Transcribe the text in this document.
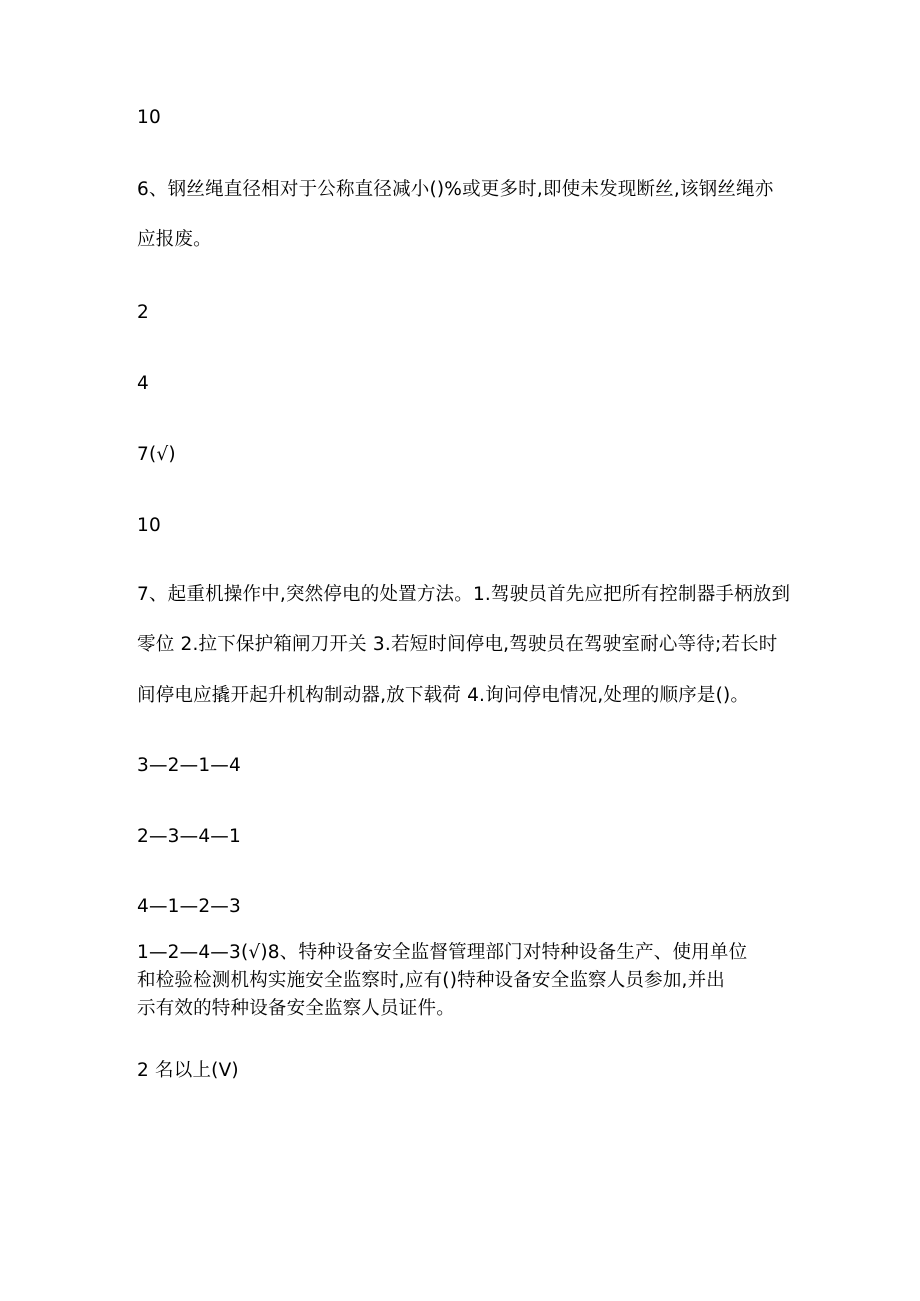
10
6、钢丝绳直径相对于公称直径减小()%或更多时,即使未发现断丝,该钢丝绳亦
应报废。
2
4
7(√)
10
7、起重机操作中,突然停电的处置方法。1.驾驶员首先应把所有控制器手柄放到
零位 2.拉下保护箱闸刀开关 3.若短时间停电,驾驶员在驾驶室耐心等待;若长时
间停电应撬开起升机构制动器,放下载荷 4.询问停电情况,处理的顺序是()。
3—2—1—4
2—3—4—1
4—1—2—3
1—2—4—3(√)8、特种设备安全监督管理部门对特种设备生产、使用单位
和检验检测机构实施安全监察时,应有()特种设备安全监察人员参加,并出
示有效的特种设备安全监察人员证件。
2 名以上(V)
